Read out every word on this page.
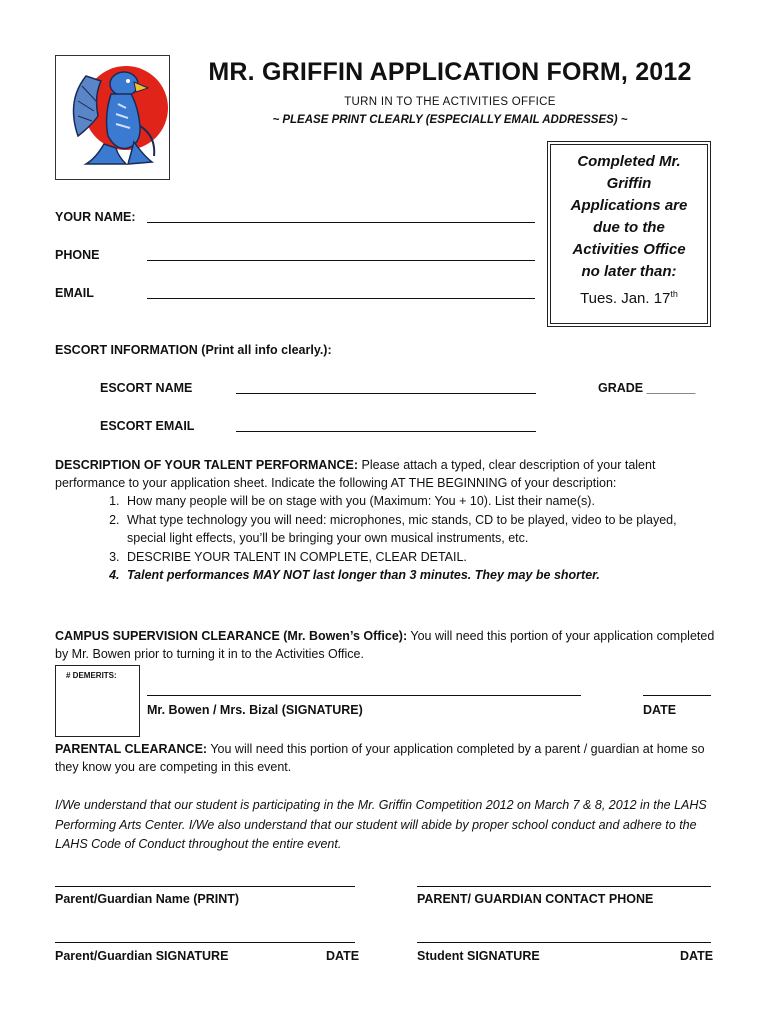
MR. GRIFFIN APPLICATION FORM, 2012
TURN IN TO THE ACTIVITIES OFFICE
~ PLEASE PRINT CLEARLY (ESPECIALLY EMAIL ADDRESSES) ~
Completed Mr.
Griffin
Applications are
due to the
Activities Office
no later than:
Tues. Jan. 17th
YOUR NAME:
PHONE
EMAIL
ESCORT INFORMATION (Print all info clearly.):
ESCORT NAME	GRADE _______
ESCORT EMAIL
DESCRIPTION OF YOUR TALENT PERFORMANCE: Please attach a typed, clear description of your talent performance to your application sheet. Indicate the following AT THE BEGINNING of your description:
1. How many people will be on stage with you (Maximum: You + 10). List their name(s).
2. What type technology you will need: microphones, mic stands, CD to be played, video to be played, special light effects, you’ll be bringing your own musical instruments, etc.
3. DESCRIBE YOUR TALENT IN COMPLETE, CLEAR DETAIL.
4. Talent performances MAY NOT last longer than 3 minutes. They may be shorter.
CAMPUS SUPERVISION CLEARANCE (Mr. Bowen’s Office): You will need this portion of your application completed by Mr. Bowen prior to turning it in to the Activities Office.
# DEMERITS:
Mr. Bowen / Mrs. Bizal (SIGNATURE)	DATE
PARENTAL CLEARANCE: You will need this portion of your application completed by a parent / guardian at home so they know you are competing in this event.
I/We understand that our student is participating in the Mr. Griffin Competition 2012 on March 7 & 8, 2012 in the LAHS Performing Arts Center. I/We also understand that our student will abide by proper school conduct and adhere to the LAHS Code of Conduct throughout the entire event.
Parent/Guardian Name (PRINT)	PARENT/ GUARDIAN CONTACT PHONE
Parent/Guardian SIGNATURE	DATE	Student SIGNATURE	DATE
